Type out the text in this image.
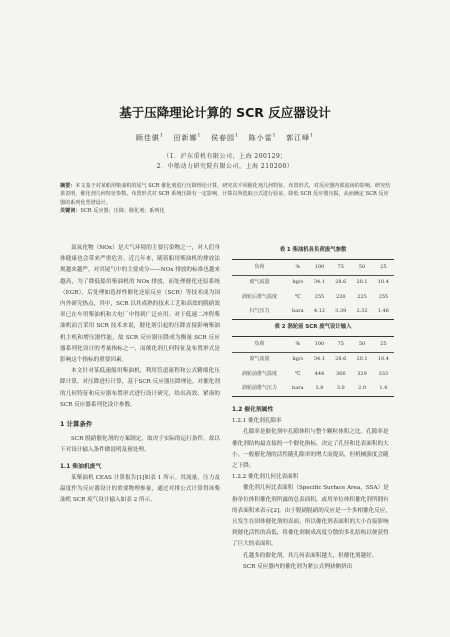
基于压降理论计算的 SCR 反应器设计
顾佳骐$^1$ 田新娜$^1$ 侯春园$^1$ 陈小雷$^1$ 郭江峰$^1$
（1．沪东重机有限公司，上海 200129；
2．中船动力研究院有限公司，上海 210200）
摘要：本文基于对某船用柴油机的尾气 SCR 催化剂进行压降理论计算，研究其不同催化剂几何特征、布置形式，对反应器内部流场的影响。研究结果表明，催化剂几何特征参数、布置形式对 SCR 系统压降有一定影响，计算以所选取公式进行验证，降低 SCR 反应器压损，从而确定 SCR 反应器的系列化型谱设计。
关键词：SCR 反应器；压降；催化剂；系列化

氮氧化物（NOx）是大气环境的主要污染物之一，对人们身体健康也会带来严重危害。近几年来，随着船用柴油机的排放法规越来越严，对其尾气中的主要成分——NOx 排放的标准也越来越高，为了降低船用柴油机的 NOx 排放，而处理催化还原系统（EGR），后处理如选择性催化还原反应（SCR）等技术成为国内外研究热点，其中，SCR 以其成熟的技术工艺和高效的脱硝效率已在车用柴油机和大电厂中得到广泛应用。对于低速二冲程柴油机而言采用 SCR 技术来说，催化剂引起的压降直接影响柴油机主机和增压器性能，故 SCR 反应器压降成为衡量 SCR 反应器系列化设计的考量指标之一，而催化剂几何特征及布置形式是影响这个指标的重要因素。

本文针对某低速船用柴油机，利用管道流程和公式精细化压降计算，对压降进行计算，基于SCR 反应器压降理论，对催化剂的几何特征和反应器布置形式进行设计研究，给出高效、紧凑的SCR 反应器系列化设计参数。

1 计算条件

SCR 脱硝催化剂的方案制定，取决于实际的运行条件，故以下对设计输入条件做说明及预处理。

1.1 柴油机废气

某柴油机 CEAS 计算报告[1]如表 1 所示。其流量、压力及温度作为反应器设计的重要物理参量，通过对排公式计算得该柴油机 SCR 废气设计输入如表 2 所示。

表 1 柴油机各负荷废气参数
负荷	%	100	75	50	25
废气流量	kg/s	34.1	28.6	20.1	10.4
涡轮后排气温度	℃	255	230	225	255
扫气压力	bara	4.12	3.39	2.32	1.46
表 2 涡轮前 SCR 废气设计输入
负荷	%	100	75	50	25
废气流量	kg/s	34.1	28.6	20.1	10.4
涡轮前排气温度	℃	444	366	329	333
涡轮前排气压力	bara	3.8	3.0	2.0	1.4
1.2 催化剂属性
1.2.1 催化剂孔隙率

孔隙率是催化剂中孔隙体积与整个颗粒体积之比。孔隙率是催化剂结构最直接的一个催化指标，决定了孔径和比表面积的大小。一般催化剂的活性随孔隙率的增大而提高，但机械强度会随之下降。

1.2.2 催化剂几何比表面积

催化剂几何比表面积（Specific Surface Area，SSA）是指单位体积催化剂所露的总表面积，或用单位体积催化剂所拥有的表面积来表示[2]。由于脱硝脱硝的反应是一个多相催化反应，且发生在固体催化剂的表面，所以催化剂表面积的大小直接影响到催化活性的高低，将催化剂制成高度分散的多孔结构以便获得了巨大的表面积。

孔越多的催化剂，其几何表面积越大，但催化剂越好。

SCR 反应器内的催化剂为紧公式例袂侧挤出
